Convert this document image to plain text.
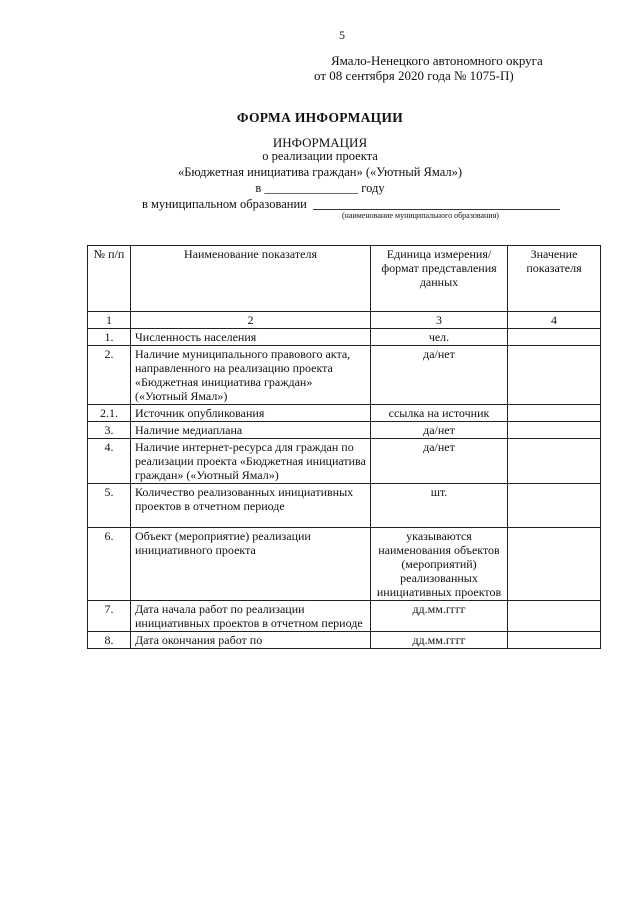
5
Ямало-Ненецкого автономного округа
от 08 сентября 2020 года № 1075-П)
ФОРМА ИНФОРМАЦИИ
ИНФОРМАЦИЯ
о реализации проекта
«Бюджетная инициатива граждан» («Уютный Ямал»)
в _______________ году
в муниципальном образовании
(наименование муниципального образования)
№ п/п	Наименование показателя	Единица измерения/формат представления данных	Значение показателя
1	2	3	4
1.	Численность населения	чел.	
2.	Наличие муниципального правового акта, направленного на реализацию проекта «Бюджетная инициатива граждан» («Уютный Ямал»)	да/нет	
2.1.	Источник опубликования	ссылка на источник	
3.	Наличие медиаплана	да/нет	
4.	Наличие интернет-ресурса для граждан по реализации проекта «Бюджетная инициатива граждан» («Уютный Ямал»)	да/нет	
5.	Количество реализованных инициативных проектов в отчетном периоде	шт.	
6.	Объект (мероприятие) реализации инициативного проекта	указываются наименования объектов (мероприятий) реализованных инициативных проектов	
7.	Дата начала работ по реализации инициативных проектов в отчетном периоде	дд.мм.гггг	
8.	Дата окончания работ по	дд.мм.гггг	
